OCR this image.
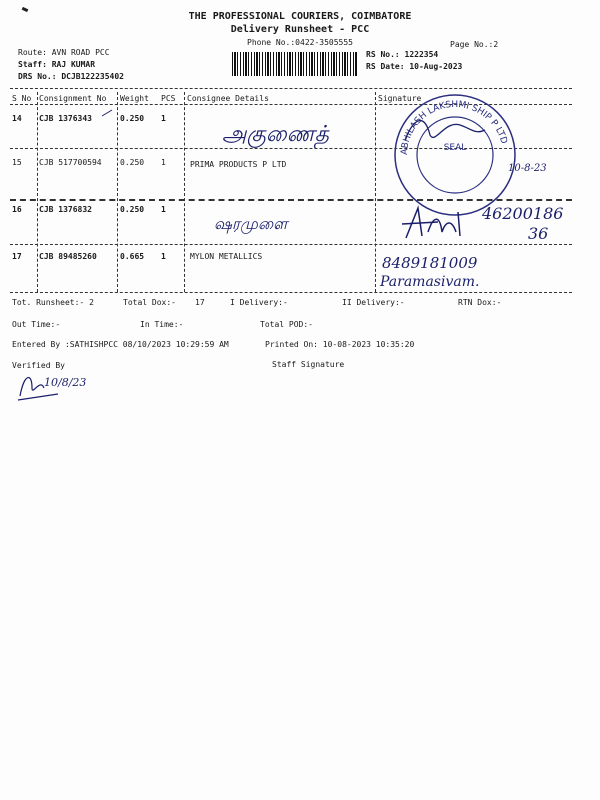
THE PROFESSIONAL COURIERS, COIMBATORE
Delivery Runsheet - PCC
Phone No.:0422-3505555	Page No.:2
Route: AVN ROAD PCC
Staff: RAJ KUMAR
DRS No.: DCJB122235402
RS No.: 1222354
RS Date: 10-Aug-2023
S No Consignment No Weight PCS Consignee Details	Signature
14 CJB 1376343	0.250 1
அகுணைத்
15 CJB 517700594 0.250 1	PRIMA PRODUCTS P LTD	10-8-23
16 CJB 1376832	0.250 1
ஷரமுளை
46200186
36
17 CJB 89485260	0.665 1	MYLON METALLICS	8489181009
Paramasivam.
ABHILASH LAKSHMI SHIP P LTD
SEAL
Tot. Runsheet:- 2	Total Dox:- 17	I Delivery:-	II Delivery:-	RTN Dox:-
Out Time:-	In Time:-	Total POD:-
Entered By :SATHISHPCC 08/10/2023 10:29:59 AM	Printed On: 10-08-2023 10:35:20
Verified By	Staff Signature
10/8/23
